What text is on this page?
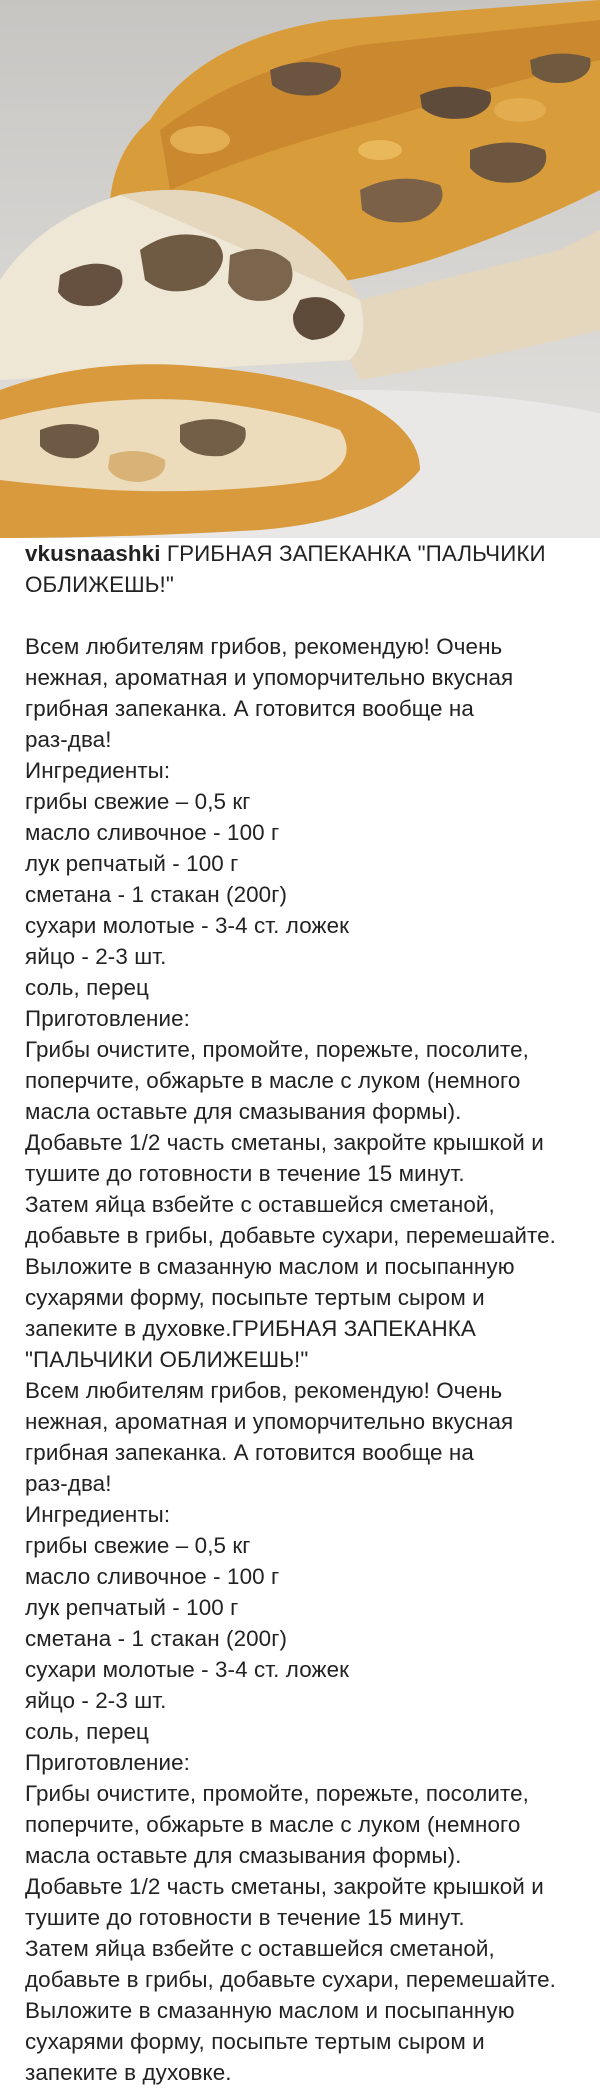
vkusnaashki ГРИБНАЯ ЗАПЕКАНКА "ПАЛЬЧИКИ ОБЛИЖЕШЬ!"

Всем любителям грибов, рекомендую! Очень
нежная, ароматная и упоморчительно вкусная
грибная запеканка. А готовится вообще на
раз-два!
Ингредиенты:
грибы свежие – 0,5 кг
масло сливочное - 100 г
лук репчатый - 100 г
сметана - 1 стакан (200г)
сухари молотые - 3-4 ст. ложек
яйцо - 2-3 шт.
соль, перец
Приготовление:
Грибы очистите, промойте, порежьте, посолите,
поперчите, обжарьте в масле с луком (немного
масла оставьте для смазывания формы).
Добавьте 1/2 часть сметаны, закройте крышкой и
тушите до готовности в течение 15 минут.
Затем яйца взбейте с оставшейся сметаной,
добавьте в грибы, добавьте сухари, перемешайте.
Выложите в смазанную маслом и посыпанную
сухарями форму, посыпьте тертым сыром и
запеките в духовке.ГРИБНАЯ ЗАПЕКАНКА
"ПАЛЬЧИКИ ОБЛИЖЕШЬ!"
Всем любителям грибов, рекомендую! Очень
нежная, ароматная и упоморчительно вкусная
грибная запеканка. А готовится вообще на
раз-два!
Ингредиенты:
грибы свежие – 0,5 кг
масло сливочное - 100 г
лук репчатый - 100 г
сметана - 1 стакан (200г)
сухари молотые - 3-4 ст. ложек
яйцо - 2-3 шт.
соль, перец
Приготовление:
Грибы очистите, промойте, порежьте, посолите,
поперчите, обжарьте в масле с луком (немного
масла оставьте для смазывания формы).
Добавьте 1/2 часть сметаны, закройте крышкой и
тушите до готовности в течение 15 минут.
Затем яйца взбейте с оставшейся сметаной,
добавьте в грибы, добавьте сухари, перемешайте.
Выложите в смазанную маслом и посыпанную
сухарями форму, посыпьте тертым сыром и
запеките в духовке.
